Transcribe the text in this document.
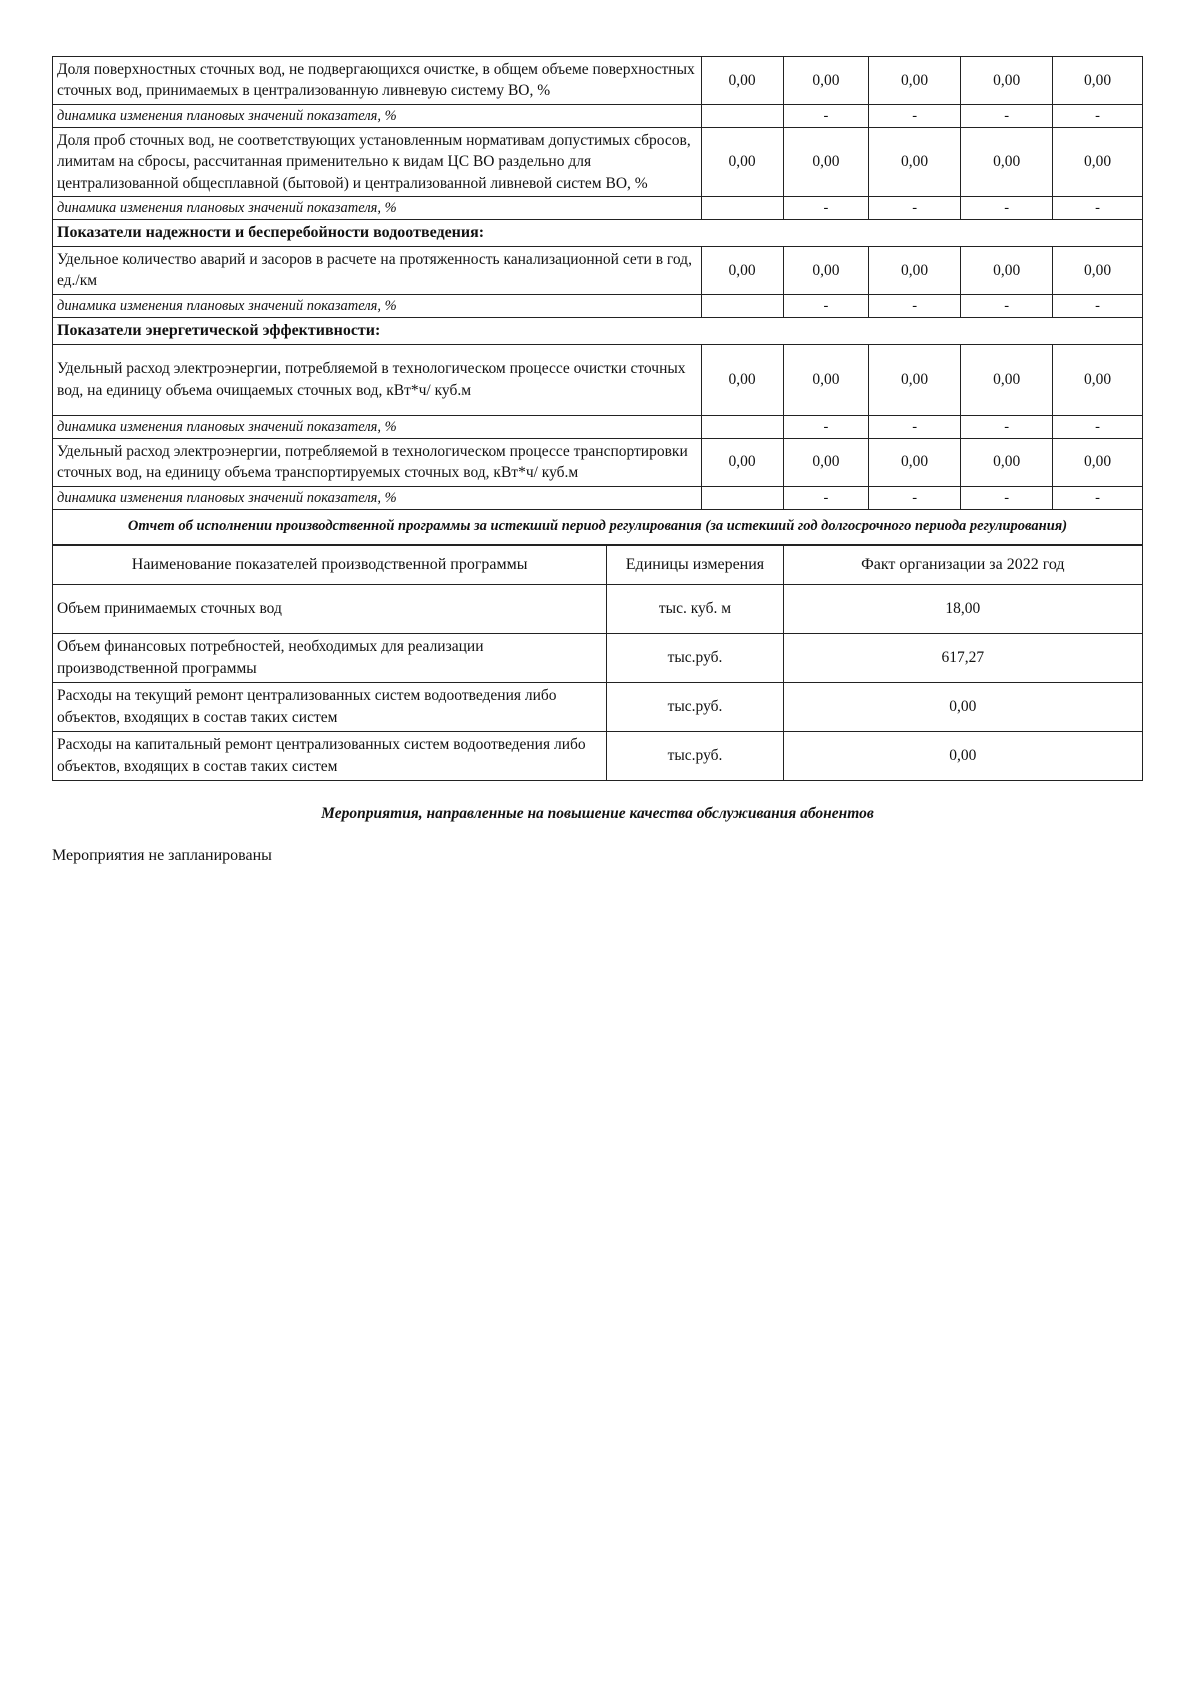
Доля поверхностных сточных вод, не подвергающихся очистке, в общем объеме поверхностных сточных вод, принимаемых в централизованную ливневую систему ВО, %	0,00	0,00	0,00	0,00	0,00
динамика изменения плановых значений показателя, %		-	-	-	-
Доля проб сточных вод, не соответствующих установленным нормативам допустимых сбросов, лимитам на сбросы, рассчитанная применительно к видам ЦС ВО раздельно для централизованной общесплавной (бытовой) и централизованной ливневой систем ВО, %	0,00	0,00	0,00	0,00	0,00
динамика изменения плановых значений показателя, %		-	-	-	-
Показатели надежности и бесперебойности водоотведения:					
Удельное количество аварий и засоров в расчете на протяженность канализационной сети в год, ед./км	0,00	0,00	0,00	0,00	0,00
динамика изменения плановых значений показателя, %		-	-	-	-
Показатели энергетической эффективности:					
Удельный расход электроэнергии, потребляемой в технологическом процессе очистки сточных вод, на единицу объема очищаемых сточных вод, кВт*ч/ куб.м	0,00	0,00	0,00	0,00	0,00
динамика изменения плановых значений показателя, %		-	-	-	-
Удельный расход электроэнергии, потребляемой в технологическом процессе транспортировки сточных вод, на единицу объема транспортируемых сточных вод, кВт*ч/ куб.м	0,00	0,00	0,00	0,00	0,00
динамика изменения плановых значений показателя, %		-	-	-	-
Отчет об исполнении производственной программы за истекший период регулирования (за истекший год долгосрочного периода регулирования)					
Наименование показателей производственной программы	Единицы измерения	Факт организации за 2022 год
Объем принимаемых сточных вод	тыс. куб. м	18,00
Объем финансовых потребностей, необходимых для реализации производственной программы	тыс.руб.	617,27
Расходы на текущий ремонт централизованных систем водоотведения либо объектов, входящих в состав таких систем	тыс.руб.	0,00
Расходы на капитальный ремонт централизованных систем водоотведения либо объектов, входящих в состав таких систем	тыс.руб.	0,00
Мероприятия, направленные на повышение качества обслуживания абонентов
Мероприятия не запланированы
